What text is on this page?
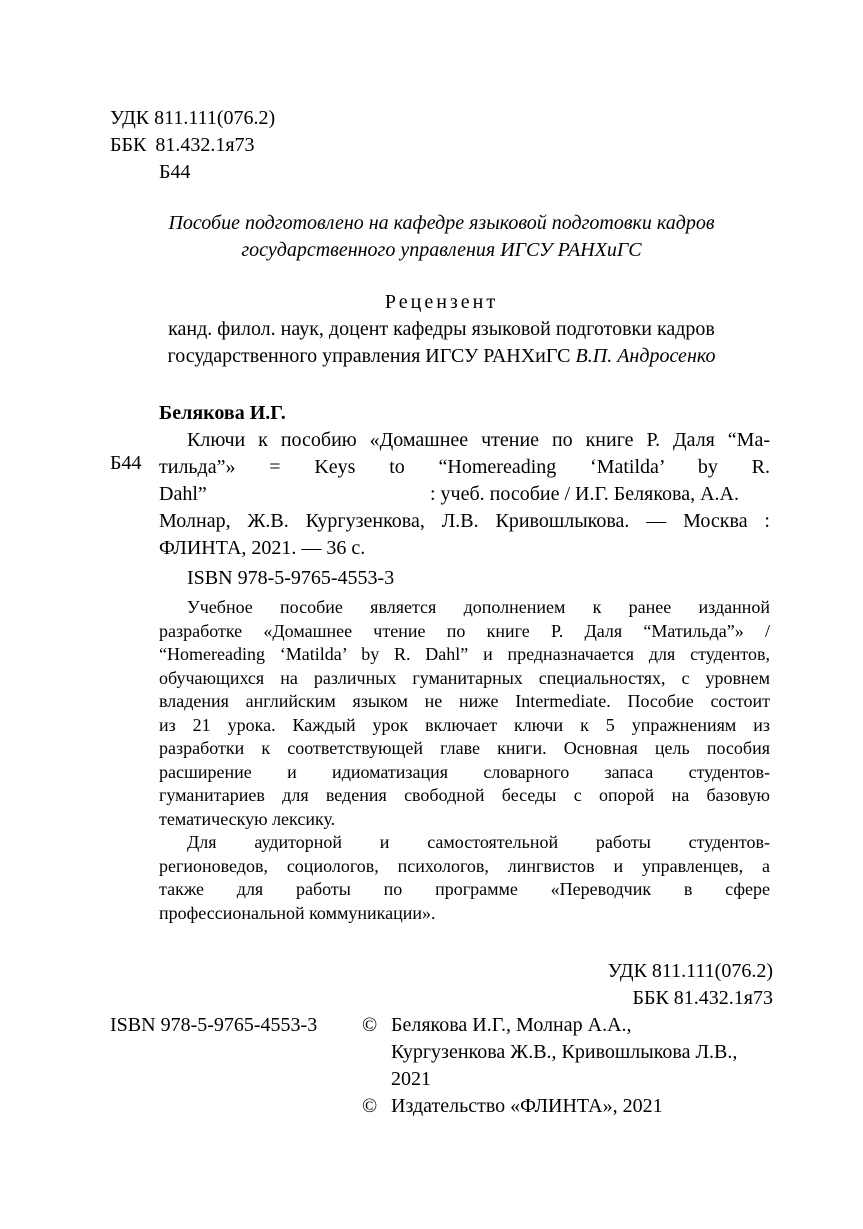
УДК 811.111(076.2)
ББК 81.432.1я73
Б44
Пособие подготовлено на кафедре языковой подготовки кадров
государственного управления ИГСУ РАНХиГС
Рецензент
канд. филол. наук, доцент кафедры языковой подготовки кадров
государственного управления ИГСУ РАНХиГС В.П. Андросенко
Белякова И.Г.
Ключи к пособию «Домашнее чтение по книге Р. Даля “Ма-
Б44 тильда”» = Keys to “Homereading ‘Matilda’ by R.
Dahl”	: учеб. пособие / И.Г. Белякова, А.А.
Молнар, Ж.В. Кургузенкова, Л.В. Кривошлыкова. — Москва :
ФЛИНТА, 2021. — 36 с.
ISBN 978-5-9765-4553-3
Учебное пособие является дополнением к ранее изданной
разработке «Домашнее чтение по книге Р. Даля “Матильда”» /
“Homereading ‘Matilda’ by R. Dahl” и предназначается для студентов,
обучающихся на различных гуманитарных специальностях, с уровнем
владения английским языком не ниже Intermediate. Пособие состоит
из 21 урока. Каждый урок включает ключи к 5 упражнениям из
разработки к соответствующей главе книги. Основная цель пособия
расширение и идиоматизация словарного запаса студентов-
гуманитариев для ведения свободной беседы с опорой на базовую
тематическую лексику.
Для аудиторной и самостоятельной работы студентов-
регионоведов, социологов, психологов, лингвистов и управленцев, а
также для работы по программе «Переводчик в сфере
профессиональной коммуникации».
УДК 811.111(076.2)
ББК 81.432.1я73
ISBN 978-5-9765-4553-3 © Белякова И.Г., Молнар А.А.,
Кургузенкова Ж.В., Кривошлыкова Л.В.,
2021
© Издательство «ФЛИНТА», 2021
